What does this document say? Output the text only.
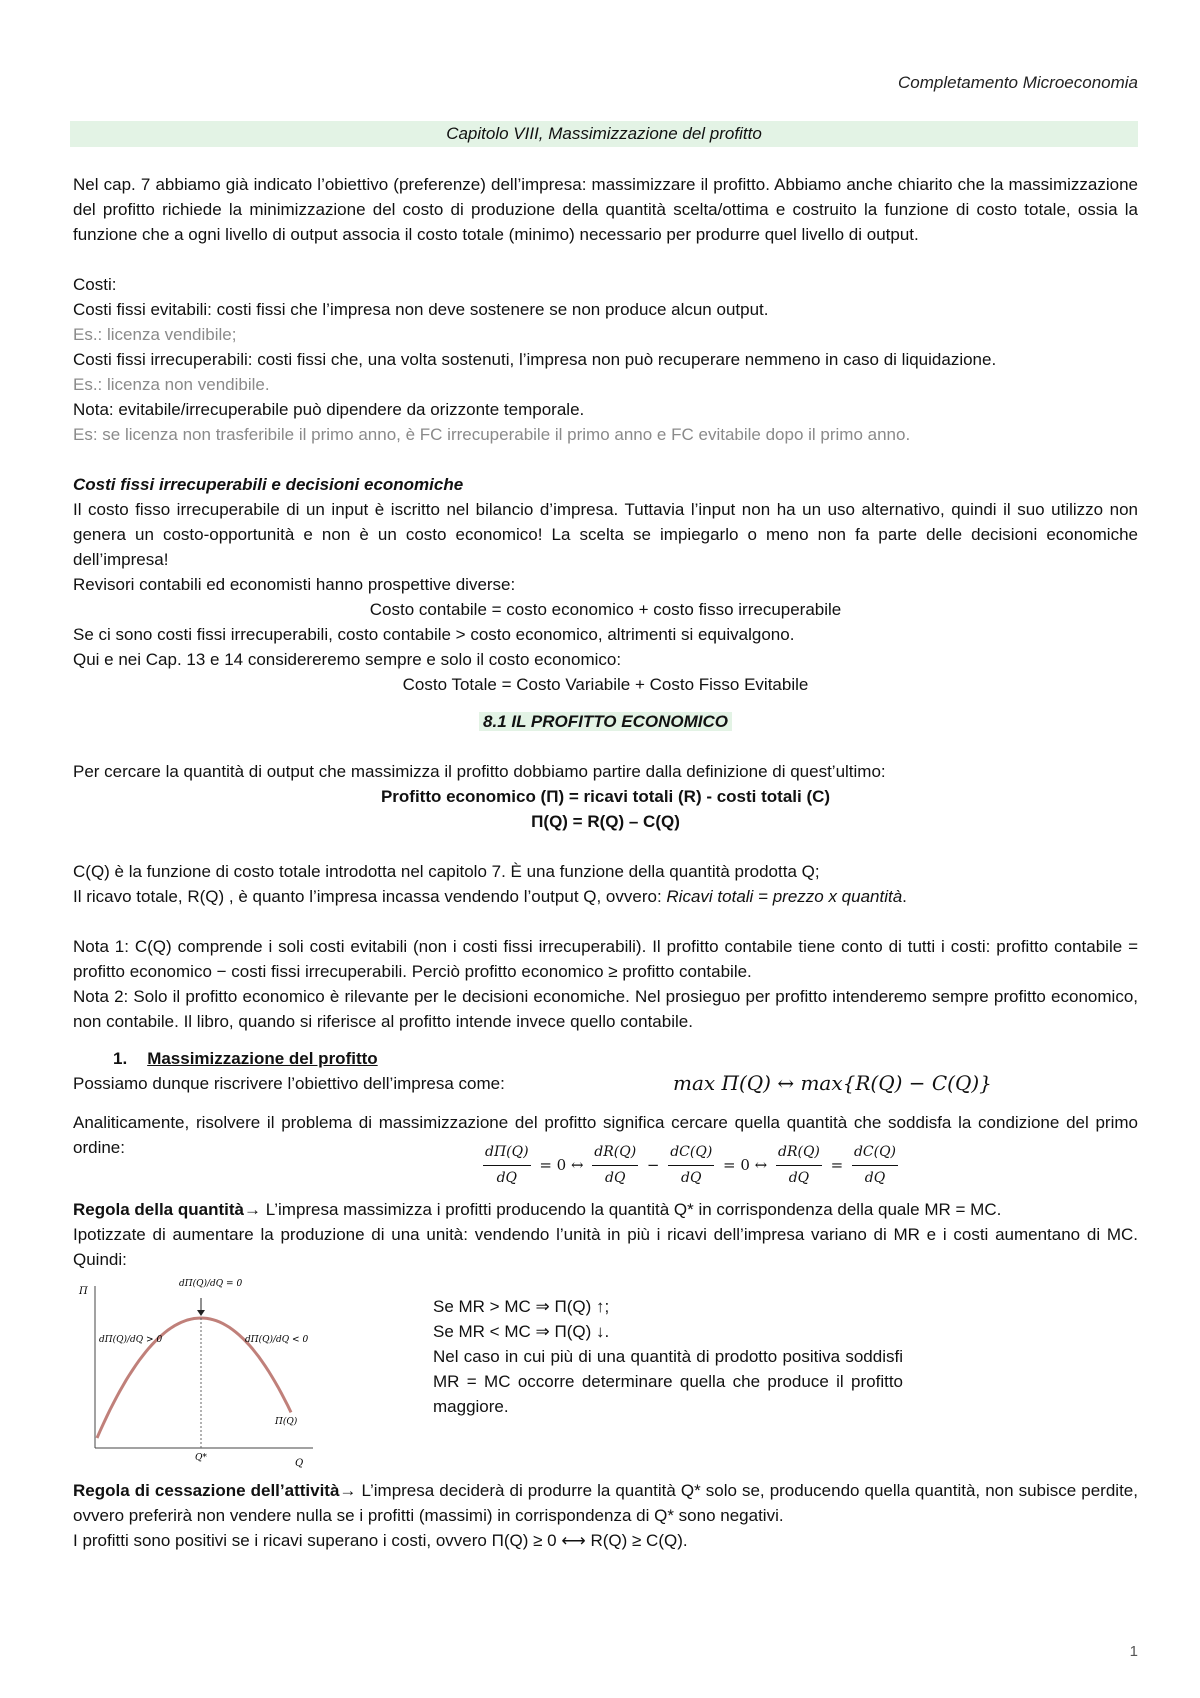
Completamento Microeconomia
Capitolo VIII, Massimizzazione del profitto

Nel cap. 7 abbiamo già indicato l’obiettivo (preferenze) dell’impresa: massimizzare il profitto. Abbiamo anche chiarito che la massimizzazione del profitto richiede la minimizzazione del costo di produzione della quantità scelta/ottima e costruito la funzione di costo totale, ossia la funzione che a ogni livello di output associa il costo totale (minimo) necessario per produrre quel livello di output.

Costi:

Costi fissi evitabili: costi fissi che l’impresa non deve sostenere se non produce alcun output.

Es.: licenza vendibile;

Costi fissi irrecuperabili: costi fissi che, una volta sostenuti, l’impresa non può recuperare nemmeno in caso di liquidazione.

Es.: licenza non vendibile.

Nota: evitabile/irrecuperabile può dipendere da orizzonte temporale.

Es: se licenza non trasferibile il primo anno, è FC irrecuperabile il primo anno e FC evitabile dopo il primo anno.

Costi fissi irrecuperabili e decisioni economiche

Il costo fisso irrecuperabile di un input è iscritto nel bilancio d’impresa. Tuttavia l’input non ha un uso alternativo, quindi il suo utilizzo non genera un costo-opportunità e non è un costo economico! La scelta se impiegarlo o meno non fa parte delle decisioni economiche dell’impresa!

Revisori contabili ed economisti hanno prospettive diverse:

Costo contabile = costo economico + costo fisso irrecuperabile

Se ci sono costi fissi irrecuperabili, costo contabile > costo economico, altrimenti si equivalgono.

Qui e nei Cap. 13 e 14 considereremo sempre e solo il costo economico:

Costo Totale = Costo Variabile + Costo Fisso Evitabile

8.1 IL PROFITTO ECONOMICO

Per cercare la quantità di output che massimizza il profitto dobbiamo partire dalla definizione di quest’ultimo:

Profitto economico (Π) = ricavi totali (R) - costi totali (C)

Π(Q) = R(Q) – C(Q)

C(Q) è la funzione di costo totale introdotta nel capitolo 7. È una funzione della quantità prodotta Q;

Il ricavo totale, R(Q) , è quanto l’impresa incassa vendendo l’output Q, ovvero: Ricavi totali = prezzo x quantità.

Nota 1: C(Q) comprende i soli costi evitabili (non i costi fissi irrecuperabili). Il profitto contabile tiene conto di tutti i costi: profitto contabile = profitto economico − costi fissi irrecuperabili. Perciò profitto economico ≥ profitto contabile.

Nota 2: Solo il profitto economico è rilevante per le decisioni economiche. Nel prosieguo per profitto intenderemo sempre profitto economico, non contabile. Il libro, quando si riferisce al profitto intende invece quello contabile.

1. Massimizzazione del profitto

Possiamo dunque riscrivere l’obiettivo dell’impresa come:	max Π(Q) ↔ max{R(Q) − C(Q)}

Analiticamente, risolvere il problema di massimizzazione del profitto significa cercare quella quantità che soddisfa la condizione del primo ordine:	$\frac{d\Pi(Q)}{dQ} = 0$ ↔ $\frac{dR(Q)}{dQ} - \frac{dC(Q)}{dQ} = 0$ ↔ $\frac{dR(Q)}{dQ} = \frac{dC(Q)}{dQ}$

Regola della quantità→ L’impresa massimizza i profitti producendo la quantità Q* in corrispondenza della quale MR = MC.

Ipotizzate di aumentare la produzione di una unità: vendendo l’unità in più i ricavi dell’impresa variano di MR e i costi aumentano di MC. Quindi:

Π
Q
dΠ(Q)/dQ = 0
dΠ(Q)/dQ > 0	dΠ(Q)/dQ < 0
Π(Q)
Q*

Se MR > MC ⇒ Π(Q) ↑;

Se MR < MC ⇒ Π(Q) ↓.

Nel caso in cui più di una quantità di prodotto positiva soddisfi MR = MC occorre determinare quella che produce il profitto maggiore.

Regola di cessazione dell’attività→ L’impresa deciderà di produrre la quantità Q* solo se, producendo quella quantità, non subisce perdite, ovvero preferirà non vendere nulla se i profitti (massimi) in corrispondenza di Q* sono negativi.

I profitti sono positivi se i ricavi superano i costi, ovvero Π(Q) ≥ 0 ⟷ R(Q) ≥ C(Q).

1
